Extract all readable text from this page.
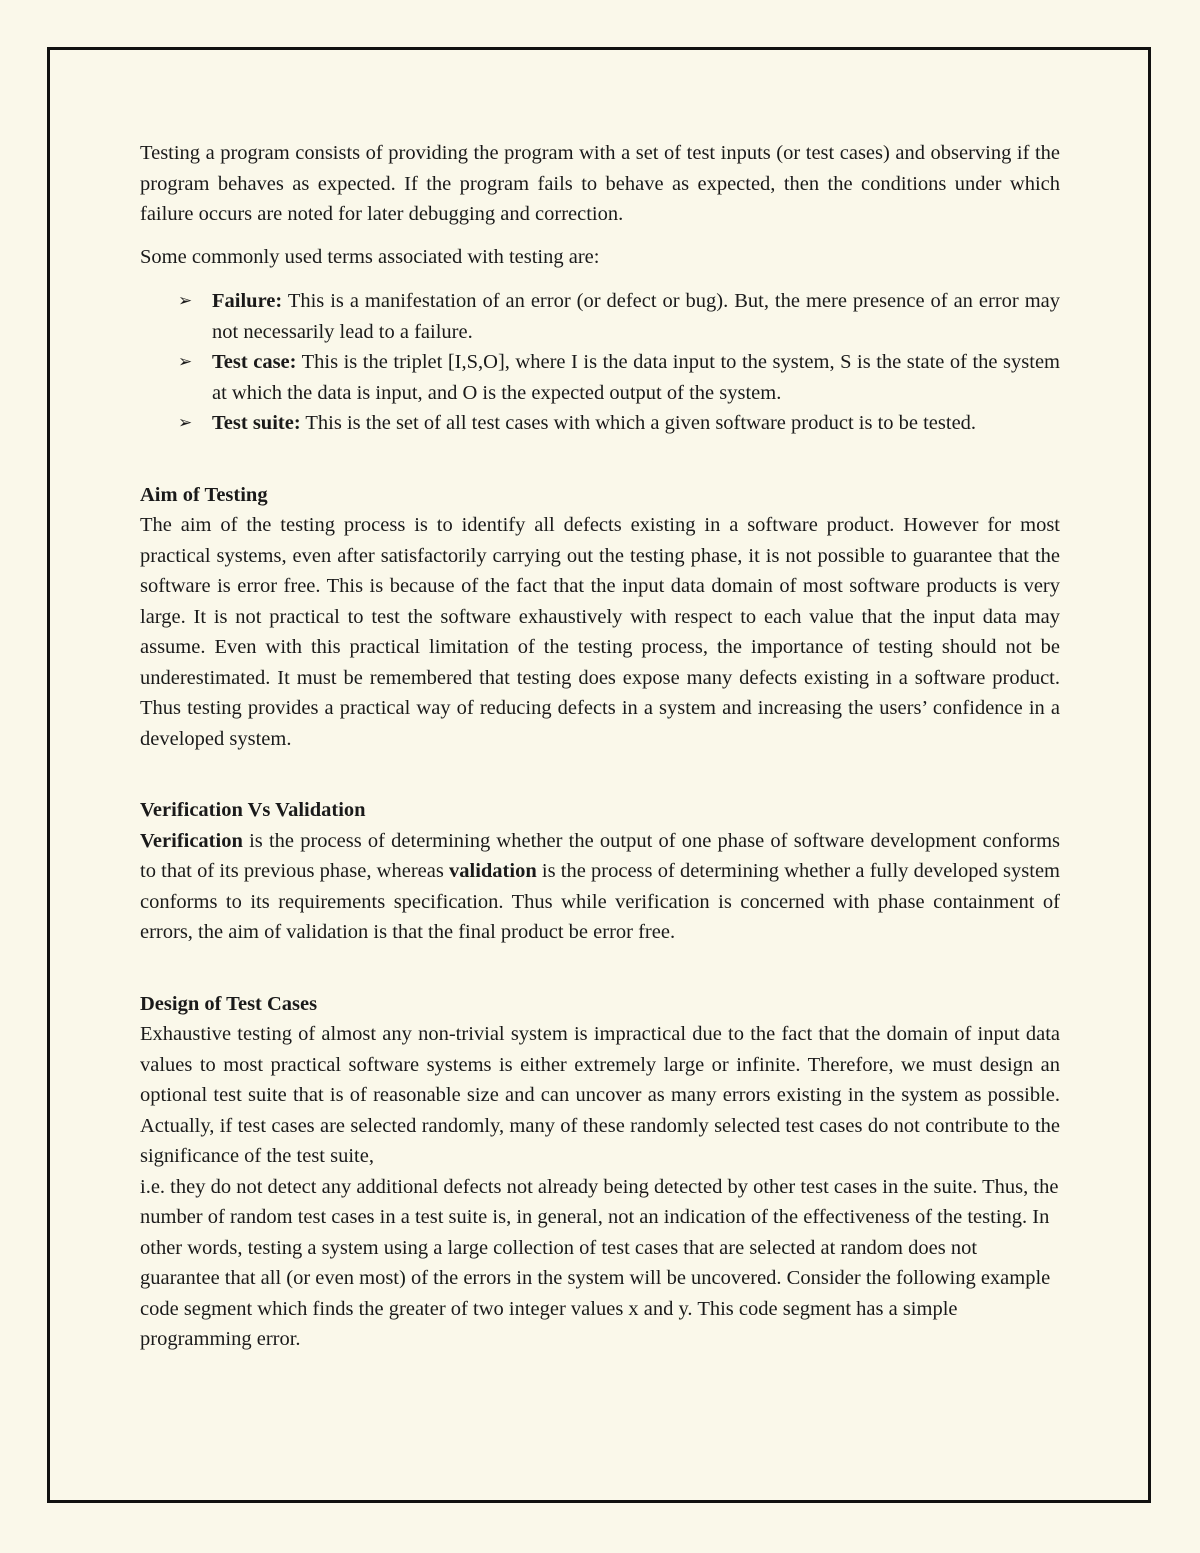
Testing a program consists of providing the program with a set of test inputs (or test cases) and observing if the program behaves as expected. If the program fails to behave as expected, then the conditions under which failure occurs are noted for later debugging and correction.

Some commonly used terms associated with testing are:

➢ Failure: This is a manifestation of an error (or defect or bug). But, the mere presence of an error may not necessarily lead to a failure.
➢ Test case: This is the triplet [I,S,O], where I is the data input to the system, S is the state of the system at which the data is input, and O is the expected output of the system.
➢ Test suite: This is the set of all test cases with which a given software product is to be tested.
Aim of Testing

The aim of the testing process is to identify all defects existing in a software product. However for most practical systems, even after satisfactorily carrying out the testing phase, it is not possible to guarantee that the software is error free. This is because of the fact that the input data domain of most software products is very large. It is not practical to test the software exhaustively with respect to each value that the input data may assume. Even with this practical limitation of the testing process, the importance of testing should not be underestimated. It must be remembered that testing does expose many defects existing in a software product. Thus testing provides a practical way of reducing defects in a system and increasing the users’ confidence in a developed system.

Verification Vs Validation

Verification is the process of determining whether the output of one phase of software development conforms to that of its previous phase, whereas validation is the process of determining whether a fully developed system conforms to its requirements specification. Thus while verification is concerned with phase containment of errors, the aim of validation is that the final product be error free.

Design of Test Cases

Exhaustive testing of almost any non-trivial system is impractical due to the fact that the domain of input data values to most practical software systems is either extremely large or infinite. Therefore, we must design an optional test suite that is of reasonable size and can uncover as many errors existing in the system as possible. Actually, if test cases are selected randomly, many of these randomly selected test cases do not contribute to the significance of the test suite,

i.e. they do not detect any additional defects not already being detected by other test cases in the suite. Thus, the number of random test cases in a test suite is, in general, not an indication of the effectiveness of the testing. In other words, testing a system using a large collection of test cases that are selected at random does not guarantee that all (or even most) of the errors in the system will be uncovered. Consider the following example code segment which finds the greater of two integer values x and y. This code segment has a simple programming error.
